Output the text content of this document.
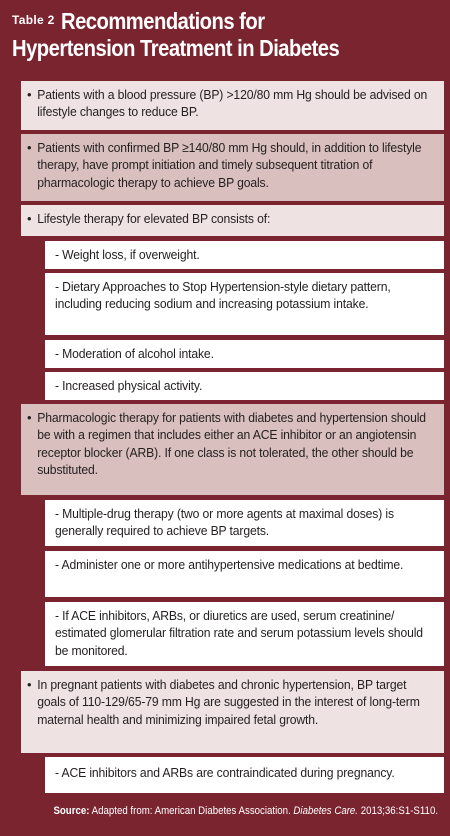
Table 2 Recommendations for
Hypertension Treatment in Diabetes
• Patients with a blood pressure (BP) >120/80 mm Hg should be advised on lifestyle changes to reduce BP.
• Patients with confirmed BP ≥140/80 mm Hg should, in addition to lifestyle therapy, have prompt initiation and timely subsequent titration of pharmacologic therapy to achieve BP goals.
• Lifestyle therapy for elevated BP consists of:
- Weight loss, if overweight.
- Dietary Approaches to Stop Hypertension-style dietary pattern, including reducing sodium and increasing potassium intake.
- Moderation of alcohol intake.
- Increased physical activity.
• Pharmacologic therapy for patients with diabetes and hypertension should be with a regimen that includes either an ACE inhibitor or an angiotensin receptor blocker (ARB). If one class is not tolerated, the other should be substituted.
- Multiple-drug therapy (two or more agents at maximal doses) is generally required to achieve BP targets.
- Administer one or more antihypertensive medications at bedtime.
- If ACE inhibitors, ARBs, or diuretics are used, serum creatinine/ estimated glomerular filtration rate and serum potassium levels should be monitored.
• In pregnant patients with diabetes and chronic hypertension, BP target goals of 110-129/65-79 mm Hg are suggested in the interest of long-term maternal health and minimizing impaired fetal growth.
- ACE inhibitors and ARBs are contraindicated during pregnancy.
Source: Adapted from: American Diabetes Association. Diabetes Care. 2013;36:S1-S110.
